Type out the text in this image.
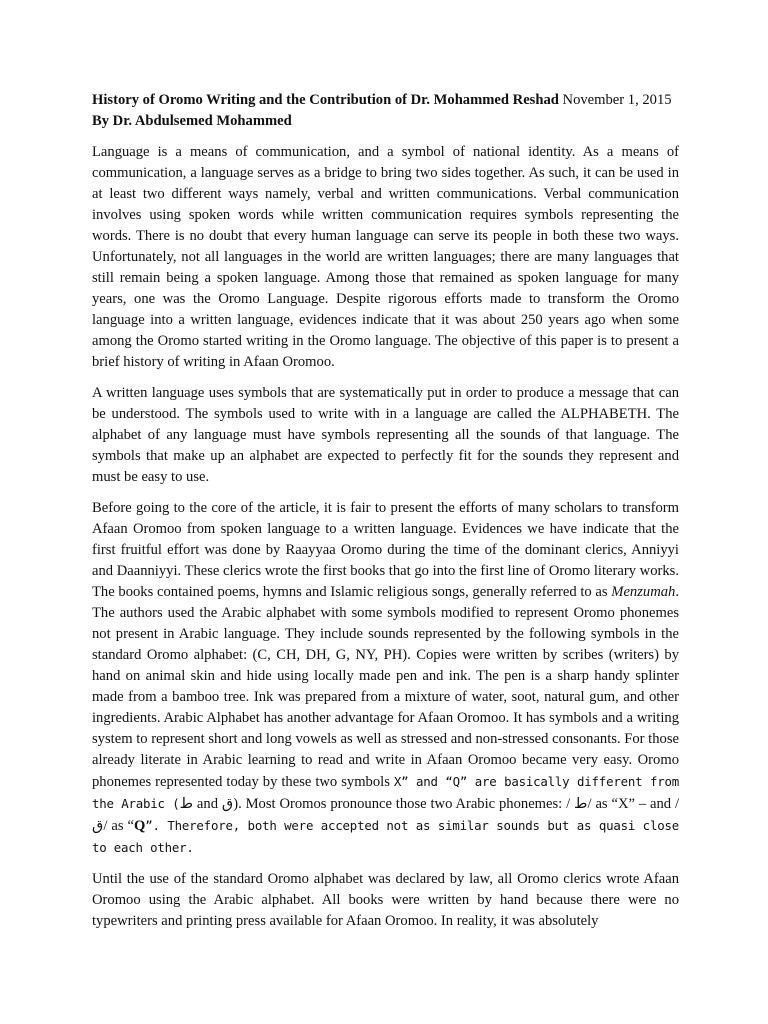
History of Oromo Writing and the Contribution of Dr. Mohammed Reshad November 1, 2015

By Dr. Abdulsemed Mohammed

Language is a means of communication, and a symbol of national identity. As a means of communication, a language serves as a bridge to bring two sides together. As such, it can be used in at least two different ways namely, verbal and written communications. Verbal communication involves using spoken words while written communication requires symbols representing the words. There is no doubt that every human language can serve its people in both these two ways. Unfortunately, not all languages in the world are written languages; there are many languages that still remain being a spoken language. Among those that remained as spoken language for many years, one was the Oromo Language. Despite rigorous efforts made to transform the Oromo language into a written language, evidences indicate that it was about 250 years ago when some among the Oromo started writing in the Oromo language. The objective of this paper is to present a brief history of writing in Afaan Oromoo.

A written language uses symbols that are systematically put in order to produce a message that can be understood. The symbols used to write with in a language are called the ALPHABETH. The alphabet of any language must have symbols representing all the sounds of that language. The symbols that make up an alphabet are expected to perfectly fit for the sounds they represent and must be easy to use.

Before going to the core of the article, it is fair to present the efforts of many scholars to transform Afaan Oromoo from spoken language to a written language. Evidences we have indicate that the first fruitful effort was done by Raayyaa Oromo during the time of the dominant clerics, Anniyyi and Daanniyyi. These clerics wrote the first books that go into the first line of Oromo literary works. The books contained poems, hymns and Islamic religious songs, generally referred to as Menzumah. The authors used the Arabic alphabet with some symbols modified to represent Oromo phonemes not present in Arabic language. They include sounds represented by the following symbols in the standard Oromo alphabet: (C, CH, DH, G, NY, PH). Copies were written by scribes (writers) by hand on animal skin and hide using locally made pen and ink. The pen is a sharp handy splinter made from a bamboo tree. Ink was prepared from a mixture of water, soot, natural gum, and other ingredients. Arabic Alphabet has another advantage for Afaan Oromoo. It has symbols and a writing system to represent short and long vowels as well as stressed and non-stressed consonants. For those already literate in Arabic learning to read and write in Afaan Oromoo became very easy. Oromo phonemes represented today by these two symbols X” and “Q” are basically different from the Arabic (ط and ق). Most Oromos pronounce those two Arabic phonemes: / ط/ as “X” – and / ق/ as “Q”. Therefore, both were accepted not as similar sounds but as quasi close to each other.

Until the use of the standard Oromo alphabet was declared by law, all Oromo clerics wrote Afaan Oromoo using the Arabic alphabet. All books were written by hand because there were no typewriters and printing press available for Afaan Oromoo. In reality, it was absolutely
